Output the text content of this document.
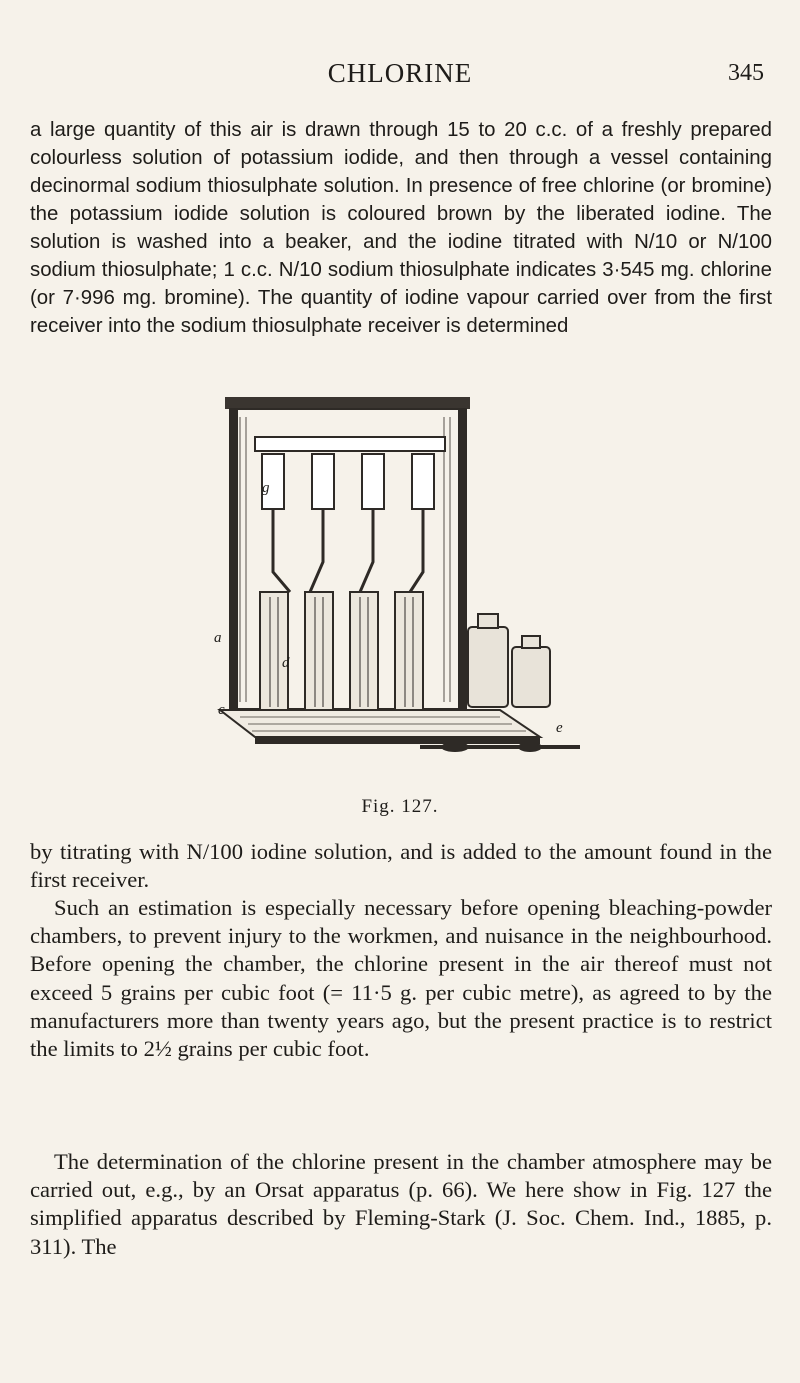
CHLORINE	345

a large quantity of this air is drawn through 15 to 20 c.c. of a freshly prepared colourless solution of potassium iodide, and then through a vessel containing decinormal sodium thiosulphate solution. In presence of free chlorine (or bromine) the potassium iodide solution is coloured brown by the liberated iodine. The solution is washed into a beaker, and the iodine titrated with N/10 or N/100 sodium thiosulphate; 1 c.c. N/10 sodium thiosulphate indicates 3·545 mg. chlorine (or 7·996 mg. bromine). The quantity of iodine vapour carried over from the first receiver into the sodium thiosulphate receiver is determined

a
c
d
e
g
Fig. 127.

by titrating with N/100 iodine solution, and is added to the amount found in the first receiver.

Such an estimation is especially necessary before opening bleaching-powder chambers, to prevent injury to the workmen, and nuisance in the neighbourhood. Before opening the chamber, the chlorine present in the air thereof must not exceed 5 grains per cubic foot (= 11·5 g. per cubic metre), as agreed to by the manufacturers more than twenty years ago, but the present practice is to restrict the limits to 2½ grains per cubic foot.

The determination of the chlorine present in the chamber atmosphere may be carried out, e.g., by an Orsat apparatus (p. 66). We here show in Fig. 127 the simplified apparatus described by Fleming-Stark (J. Soc. Chem. Ind., 1885, p. 311). The
